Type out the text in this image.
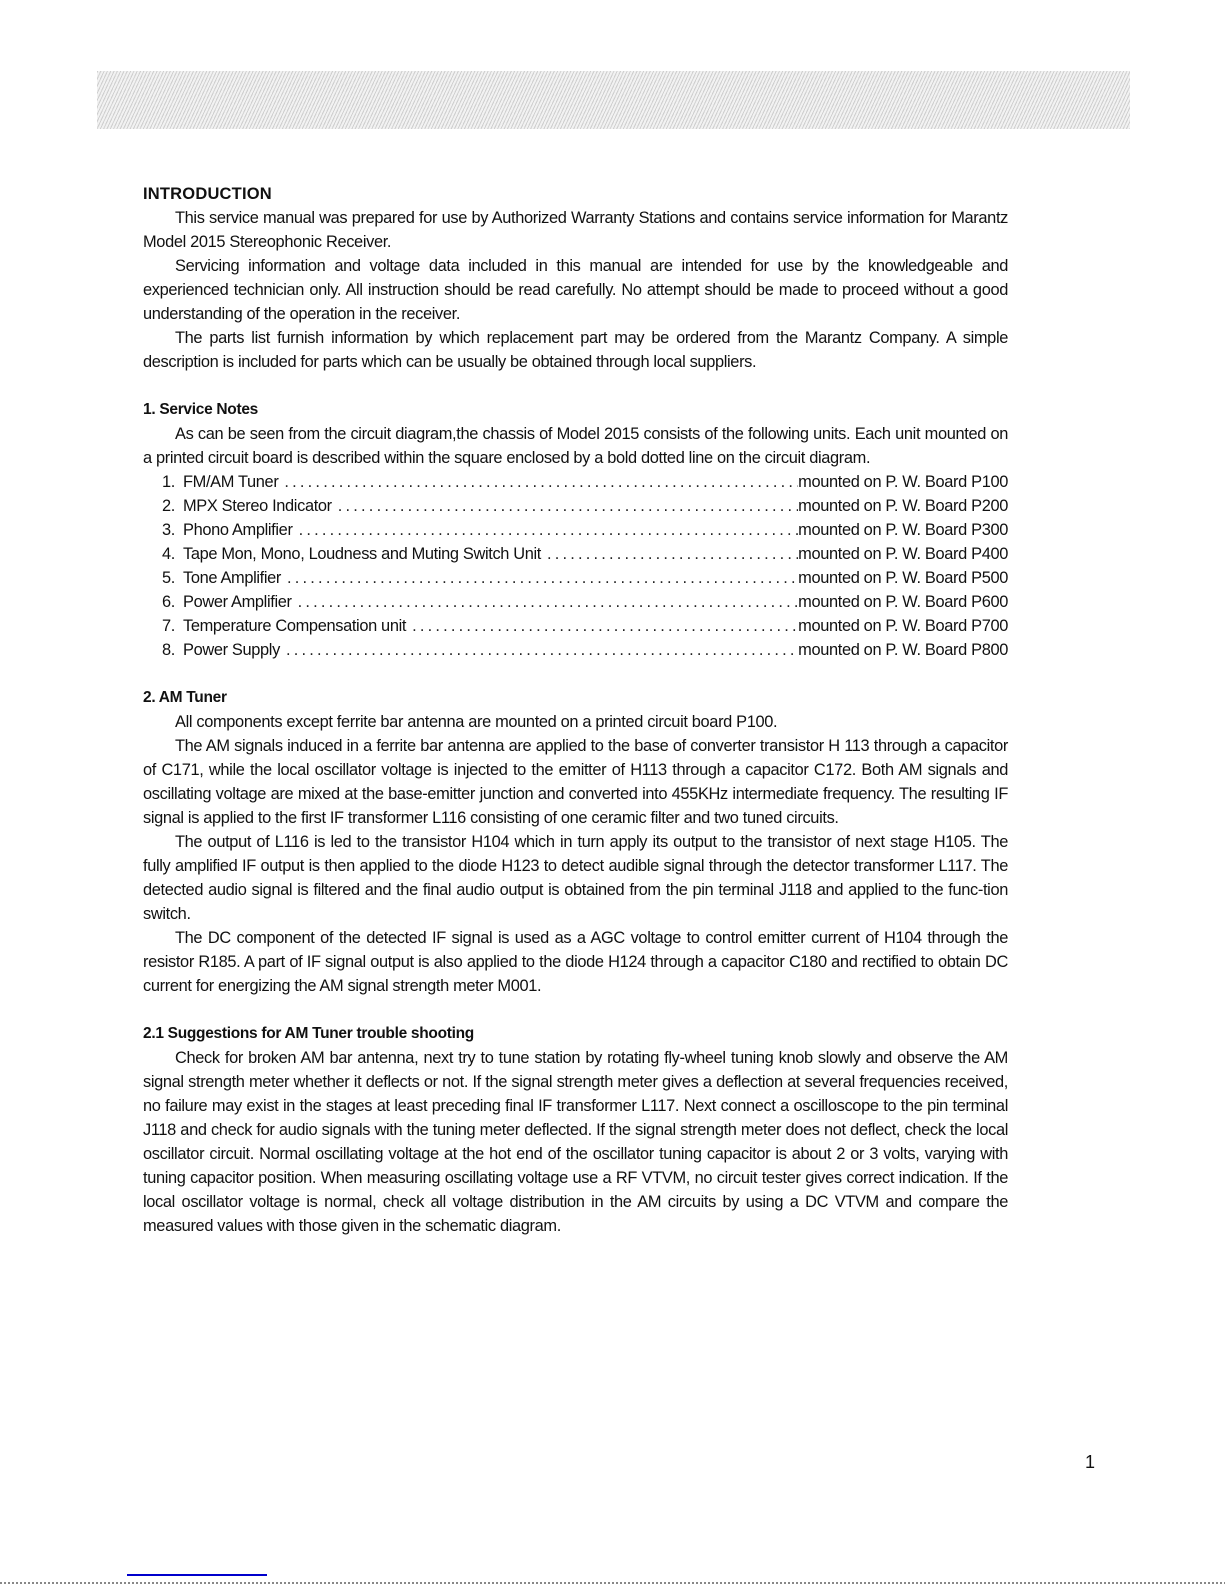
INTRODUCTION

This service manual was prepared for use by Authorized Warranty Stations and contains service information for Marantz Model 2015 Stereophonic Receiver.

Servicing information and voltage data included in this manual are intended for use by the knowledgeable and experienced technician only. All instruction should be read carefully. No attempt should be made to proceed without a good understanding of the operation in the receiver.

The parts list furnish information by which replacement part may be ordered from the Marantz Company. A simple description is included for parts which can be usually be obtained through local suppliers.

1. Service Notes

As can be seen from the circuit diagram,the chassis of Model 2015 consists of the following units. Each unit mounted on a printed circuit board is described within the square enclosed by a bold dotted line on the circuit diagram.

1. FM/AM Tuner .....	mounted on P. W. Board P100
2. MPX Stereo Indicator .....	mounted on P. W. Board P200
3. Phono Amplifier .....	mounted on P. W. Board P300
4. Tape Mon, Mono, Loudness and Muting Switch Unit .....	mounted on P. W. Board P400
5. Tone Amplifier .....	mounted on P. W. Board P500
6. Power Amplifier .....	mounted on P. W. Board P600
7. Temperature Compensation unit .....	mounted on P. W. Board P700
8. Power Supply .....	mounted on P. W. Board P800
2. AM Tuner

All components except ferrite bar antenna are mounted on a printed circuit board P100.

The AM signals induced in a ferrite bar antenna are applied to the base of converter transistor H 113 through a capacitor of C171, while the local oscillator voltage is injected to the emitter of H113 through a capacitor C172. Both AM signals and oscillating voltage are mixed at the base-emitter junction and converted into 455KHz intermediate frequency. The resulting IF signal is applied to the first IF transformer L116 consisting of one ceramic filter and two tuned circuits.

The output of L116 is led to the transistor H104 which in turn apply its output to the transistor of next stage H105. The fully amplified IF output is then applied to the diode H123 to detect audible signal through the detector transformer L117. The detected audio signal is filtered and the final audio output is obtained from the pin terminal J118 and applied to the func-tion switch.

The DC component of the detected IF signal is used as a AGC voltage to control emitter current of H104 through the resistor R185. A part of IF signal output is also applied to the diode H124 through a capacitor C180 and rectified to obtain DC current for energizing the AM signal strength meter M001.

2.1 Suggestions for AM Tuner trouble shooting

Check for broken AM bar antenna, next try to tune station by rotating fly-wheel tuning knob slowly and observe the AM signal strength meter whether it deflects or not. If the signal strength meter gives a deflection at several frequencies received, no failure may exist in the stages at least preceding final IF transformer L117. Next connect a oscilloscope to the pin terminal J118 and check for audio signals with the tuning meter deflected. If the signal strength meter does not deflect, check the local oscillator circuit. Normal oscillating voltage at the hot end of the oscillator tuning capacitor is about 2 or 3 volts, varying with tuning capacitor position. When measuring oscillating voltage use a RF VTVM, no circuit tester gives correct indication. If the local oscillator voltage is normal, check all voltage distribution in the AM circuits by using a DC VTVM and compare the measured values with those given in the schematic diagram.

1
